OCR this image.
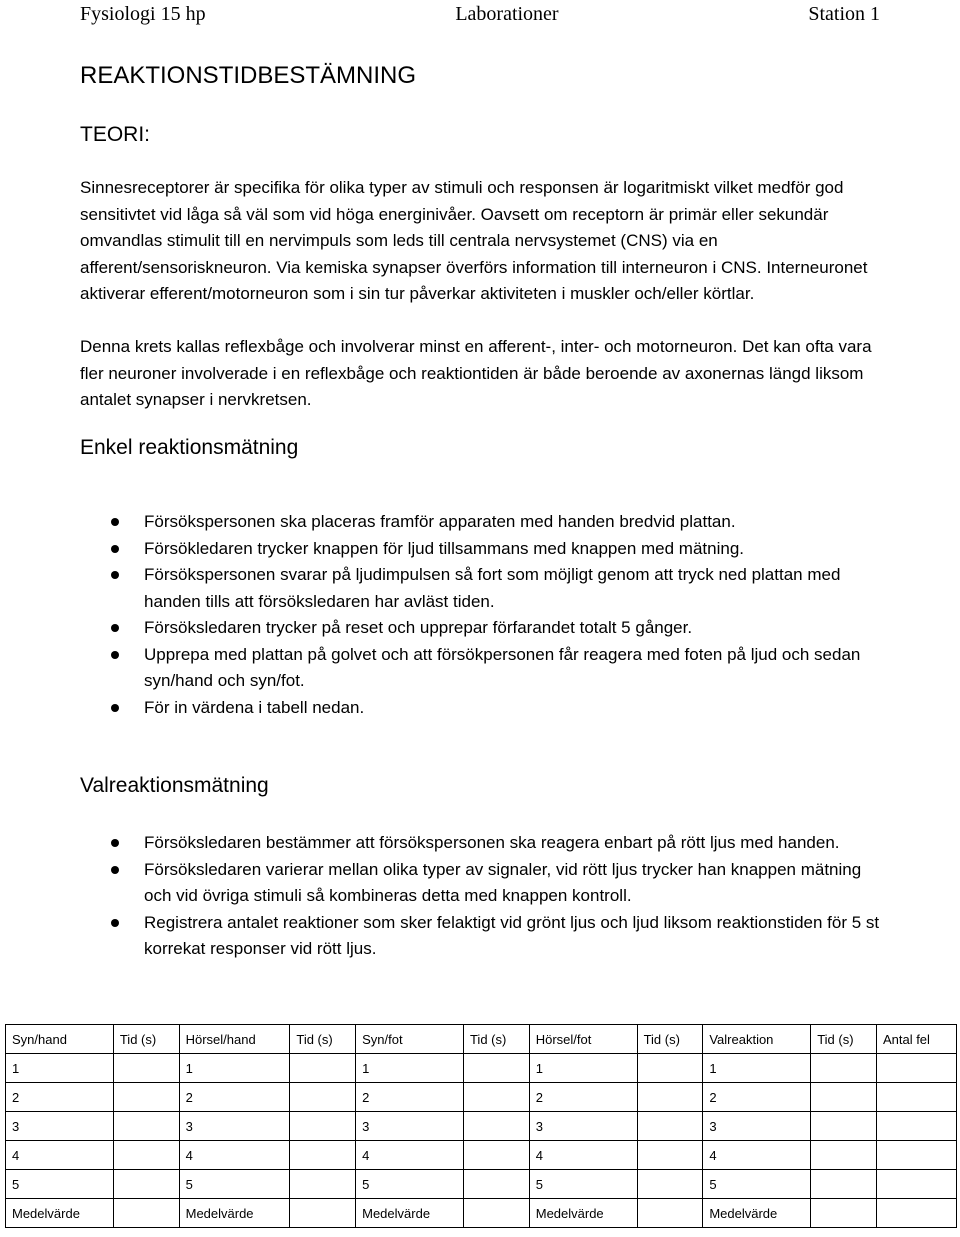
Fysiologi 15 hp	Laborationer	Station 1
REAKTIONSTIDBESTÄMNING
TEORI:

Sinnesreceptorer är specifika för olika typer av stimuli och responsen är logaritmiskt vilket medför god sensitivtet vid låga så väl som vid höga energinivåer. Oavsett om receptorn är primär eller sekundär omvandlas stimulit till en nervimpuls som leds till centrala nervsystemet (CNS) via en afferent/sensoriskneuron. Via kemiska synapser överförs information till interneuron i CNS. Interneuronet aktiverar efferent/motorneuron som i sin tur påverkar aktiviteten i muskler och/eller körtlar.

Denna krets kallas reflexbåge och involverar minst en afferent-, inter- och motorneuron. Det kan ofta vara fler neuroner involverade i en reflexbåge och reaktiontiden är både beroende av axonernas längd liksom antalet synapser i nervkretsen.

Enkel reaktionsmätning
Försökspersonen ska placeras framför apparaten med handen bredvid plattan.
Försökledaren trycker knappen för ljud tillsammans med knappen med mätning.
Försökspersonen svarar på ljudimpulsen så fort som möjligt genom att tryck ned plattan med handen tills att försöksledaren har avläst tiden.
Försöksledaren trycker på reset och upprepar förfarandet totalt 5 gånger.
Upprepa med plattan på golvet och att försökpersonen får reagera med foten på ljud och sedan syn/hand och syn/fot.
För in värdena i tabell nedan.
Valreaktionsmätning
Försöksledaren bestämmer att försökspersonen ska reagera enbart på rött ljus med handen.
Försöksledaren varierar mellan olika typer av signaler, vid rött ljus trycker han knappen mätning och vid övriga stimuli så kombineras detta med knappen kontroll.
Registrera antalet reaktioner som sker felaktigt vid grönt ljus och ljud liksom reaktionstiden för 5 st korrekat responser vid rött ljus.
Syn/hand	Tid (s)	Hörsel/hand	Tid (s)	Syn/fot	Tid (s)	Hörsel/fot	Tid (s)	Valreaktion	Tid (s)	Antal fel
1		1		1		1		1		
2		2		2		2		2		
3		3		3		3		3		
4		4		4		4		4		
5		5		5		5		5		
Medelvärde		Medelvärde		Medelvärde		Medelvärde		Medelvärde		
